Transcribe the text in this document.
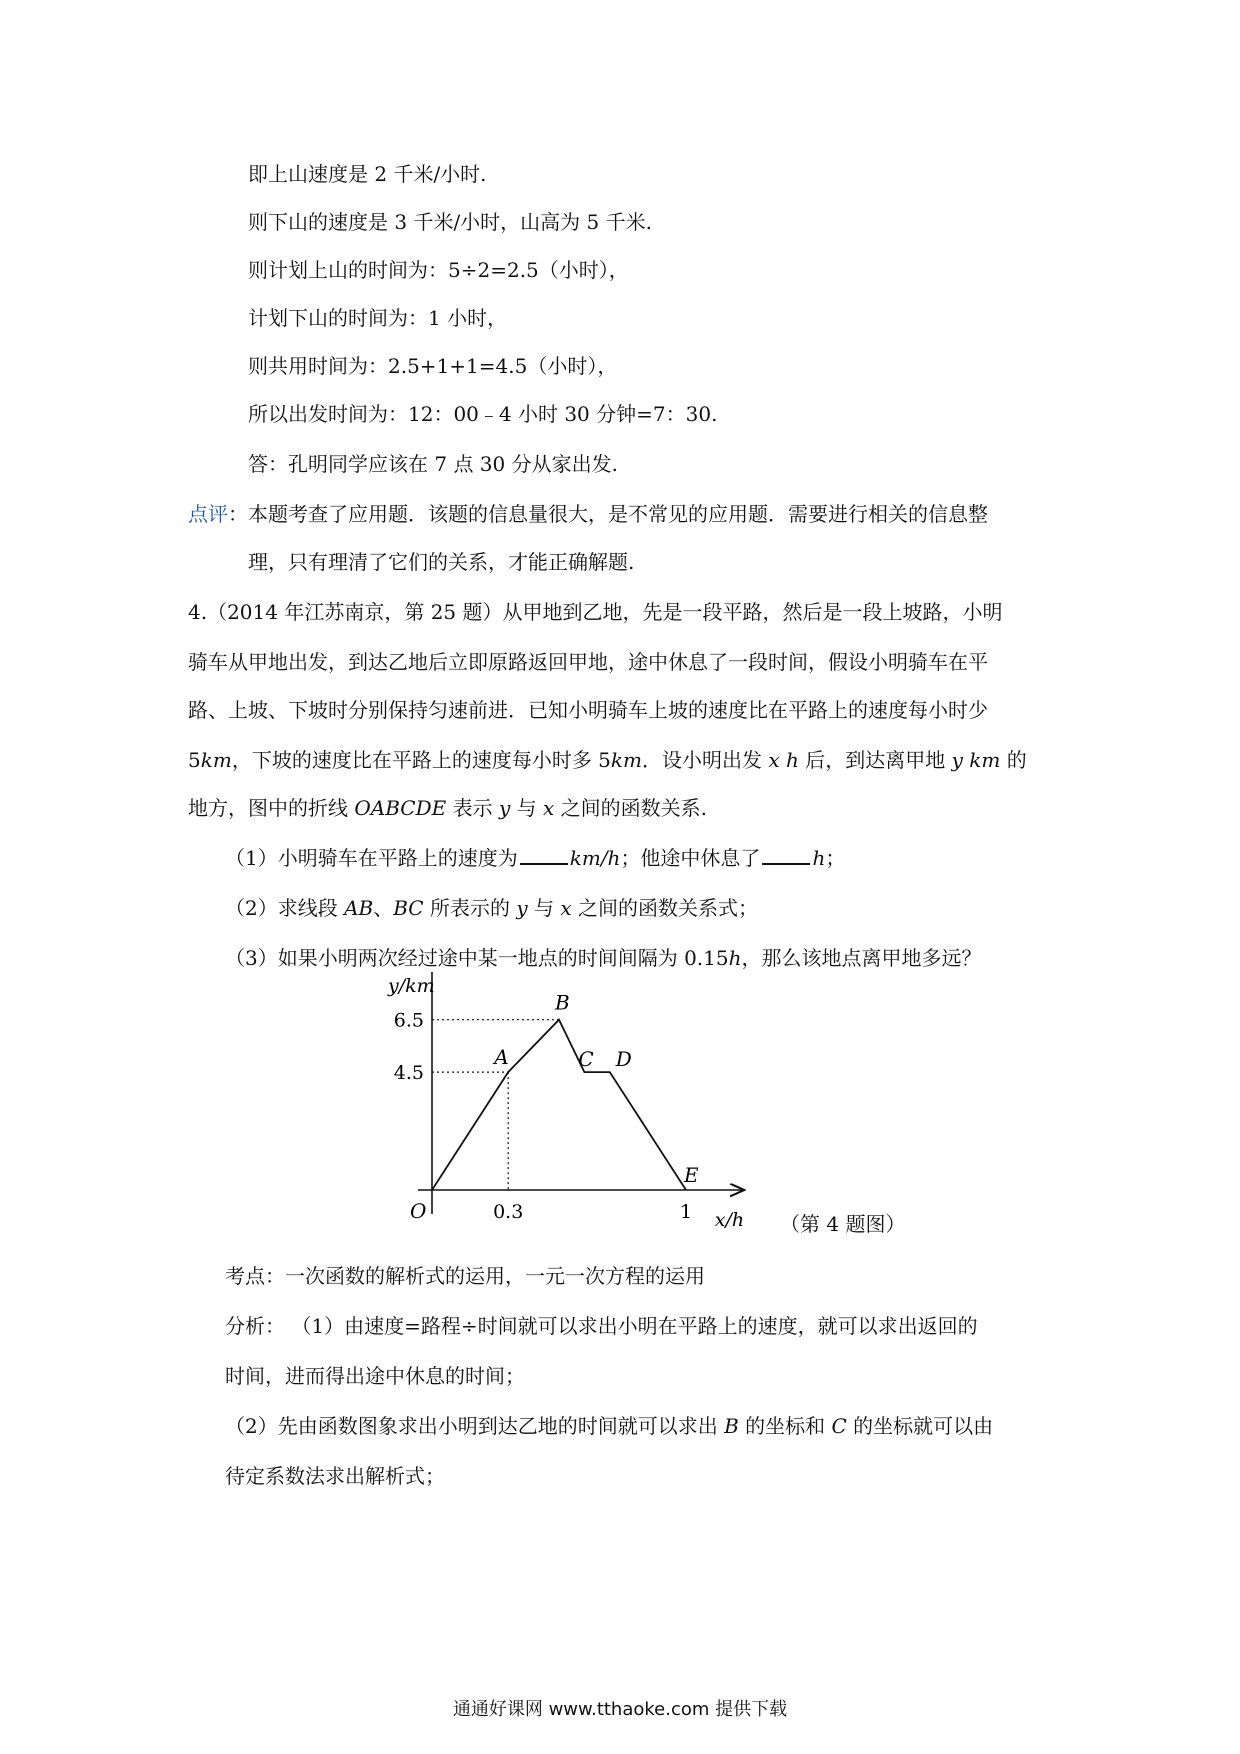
即上山速度是 2 千米/小时.
则下山的速度是 3 千米/小时，山高为 5 千米.
则计划上山的时间为：5÷2=2.5（小时），
计划下山的时间为：1 小时，
则共用时间为：2.5+1+1=4.5（小时），
所以出发时间为：12：00﹣4 小时 30 分钟=7：30.
答：孔明同学应该在 7 点 30 分从家出发.
点评：本题考查了应用题．该题的信息量很大，是不常见的应用题．需要进行相关的信息整
理，只有理清了它们的关系，才能正确解题.
4.（2014 年江苏南京，第 25 题）从甲地到乙地，先是一段平路，然后是一段上坡路，小明
骑车从甲地出发，到达乙地后立即原路返回甲地，途中休息了一段时间，假设小明骑车在平
路、上坡、下坡时分别保持匀速前进．已知小明骑车上坡的速度比在平路上的速度每小时少
5km，下坡的速度比在平路上的速度每小时多 5km．设小明出发 x h 后，到达离甲地 y km 的
地方，图中的折线 OABCDE 表示 y 与 x 之间的函数关系.
（1）小明骑车在平路上的速度为	km/h；他途中休息了	h；
（2）求线段 AB、BC 所表示的 y 与 x 之间的函数关系式；
（3）如果小明两次经过途中某一地点的时间间隔为 0.15h，那么该地点离甲地多远？
4.5
6.5
0.3	1
A
B
C D
E
y/km
x/h
O
（第 4 题图）
考点：一次函数的解析式的运用，一元一次方程的运用
分析： （1）由速度=路程÷时间就可以求出小明在平路上的速度，就可以求出返回的
时间，进而得出途中休息的时间；
（2）先由函数图象求出小明到达乙地的时间就可以求出 B 的坐标和 C 的坐标就可以由
待定系数法求出解析式；
通通好课网 www.tthaoke.com 提供下载
